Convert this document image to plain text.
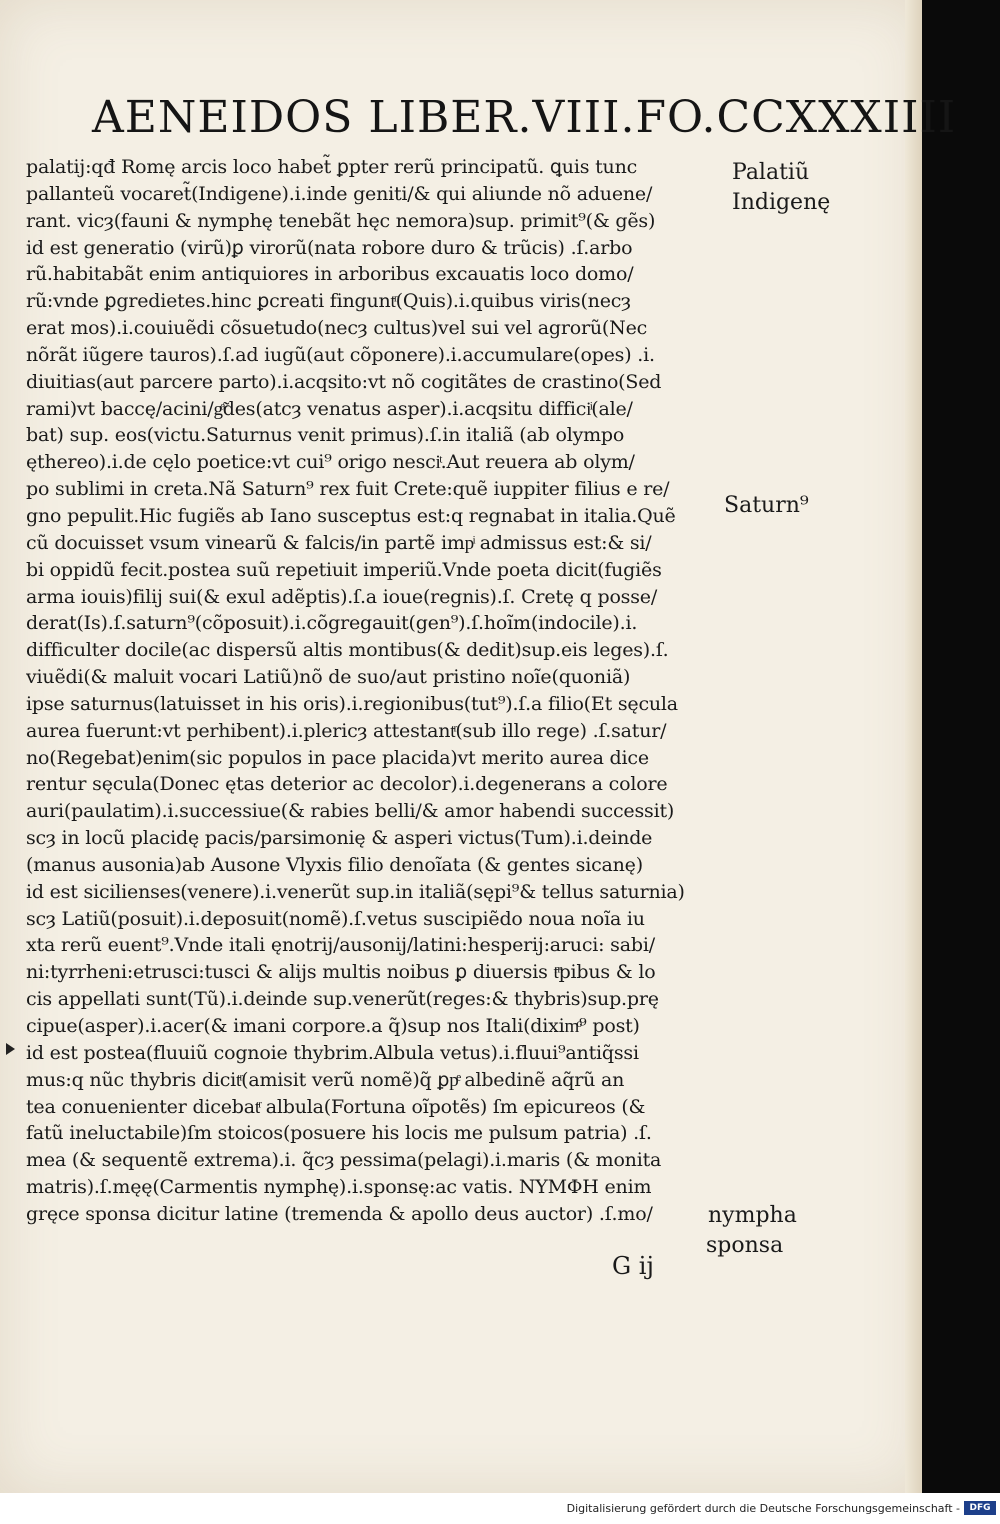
AENEIDOS LIBER.VIII.FO.CCXXXIIII
palatij:qđ Romę arcis loco habet̃ ꝑpter rerũ principatũ. ꝗuis tunc
pallanteũ vocaret̃(Indigene).i.inde geniti/& qui aliunde nõ aduene/
rant. vicȝ(fauni & nymphę tenebãt hęc nemora)sup. primit⁹(& gẽs)
id est generatio (virũ)ꝑ virorũ(nata robore duro & trũcis) .ſ.arbo
rũ.habitabãt enim antiquiores in arboribus excauatis loco domo/
rũ:vnde ꝑgredietes.hinc ꝑcreati finguntͬ(Quis).i.quibus viris(necȝ
erat mos).i.couiuẽdi cõsuetudo(necȝ cultus)vel sui vel agrorũ(Nec
nõrãt iũgere tauros).ſ.ad iugũ(aut cõponere).i.accumulare(opes) .i.
diuitias(aut parcere parto).i.acqsito:vt nõ cogitãtes de crastino(Sed
rami)vt baccę/acini/gͣ̃des(atcȝ venatus asper).i.acqsitu difficiͥ(ale/
bat) sup. eos(victu.Saturnus venit primus).ſ.in italiã (ab olympo
ęthereo).i.de cęlo poetice:vt cui⁹ origo nesciͭ.Aut reuera ab olym/
po sublimi in creta.Nã Saturn⁹ rex fuit Crete:quẽ iuppiter filius e re/
gno pepulit.Hic fugiẽs ab Iano susceptus est:q regnabat in italia.Quẽ
cũ docuisset vsum vinearũ & falcis/in partẽ impͥ admissus est:& si/
bi oppidũ fecit.postea suũ repetiuit imperiũ.Vnde poeta dicit(fugiẽs
arma iouis)filij sui(& exul adẽptis).ſ.a ioue(regnis).ſ. Cretę q posse/
derat(Is).ſ.saturn⁹(cõposuit).i.cõgregauit(gen⁹).ſ.hoĩm(indocile).i.
difficulter docile(ac dispersũ altis montibus(& dedit)sup.eis leges).ſ.
viuẽdi(& maluit vocari Latiũ)nõ de suo/aut pristino noĩe(quoniã)
ipse saturnus(latuisset in his oris).i.regionibus(tut⁹).ſ.a filio(Et sęcula
aurea fuerunt:vt perhibent).i.plericȝ attestantͬ(sub illo rege) .ſ.satur/
no(Regebat)enim(sic populos in pace placida)vt merito aurea dice
rentur sęcula(Donec ętas deterior ac decolor).i.degenerans a colore
auri(paulatim).i.successiue(& rabies belli/& amor habendi successit)
scȝ in locũ placidę pacis/parsimonię & asperi victus(Tum).i.deinde
(manus ausonia)ab Ausone Vlyxis filio denoĩata (& gentes sicanę)
id est sicilienses(venere).i.venerũt sup.in italiã(sępi⁹& tellus saturnia)
scȝ Latiũ(posuit).i.deposuit(nomẽ).ſ.vetus suscipiẽdo noua noĩa iu
xta rerũ euent⁹.Vnde itali ęnotrij/ausonij/latini:hesperij:aruci: sabi/
ni:tyrrheni:etrusci:tusci & alijs multis noibus ꝑ diuersis tͫpibus & lo
cis appellati sunt(Tũ).i.deinde sup.venerũt(reges:& thybris)sup.prę
cipue(asper).i.acer(& imani corpore.a q̃)sup nos Itali(diximͦ⁹ post)
id est postea(fluuiũ cognoie thybrim.Albula vetus).i.fluui⁹antiq̃ssi
mus:q nũc thybris dicitͬ(amisit verũ nomẽ)q̃ ꝑpͤ albedinẽ aq̃rũ an
tea conuenienter dicebatͬ albula(Fortuna oĩpotẽs) ſm epicureos (&
fatũ ineluctabile)ſm stoicos(posuere his locis me pulsum patria) .ſ.
mea (& sequentẽ extrema).i. q̃cȝ pessima(pelagi).i.maris (& monita
matris).ſ.męę(Carmentis nymphę).i.sponsę:ac vatis. ΝΥΜΦΗ enim
gręce sponsa dicitur latine (tremenda & apollo deus auctor) .ſ.mo/
Palatiũ
Indigenę
Saturn⁹
nympha
sponsa
G ij
Digitalisierung gefördert durch die Deutsche Forschungsgemeinschaft -	DFG
